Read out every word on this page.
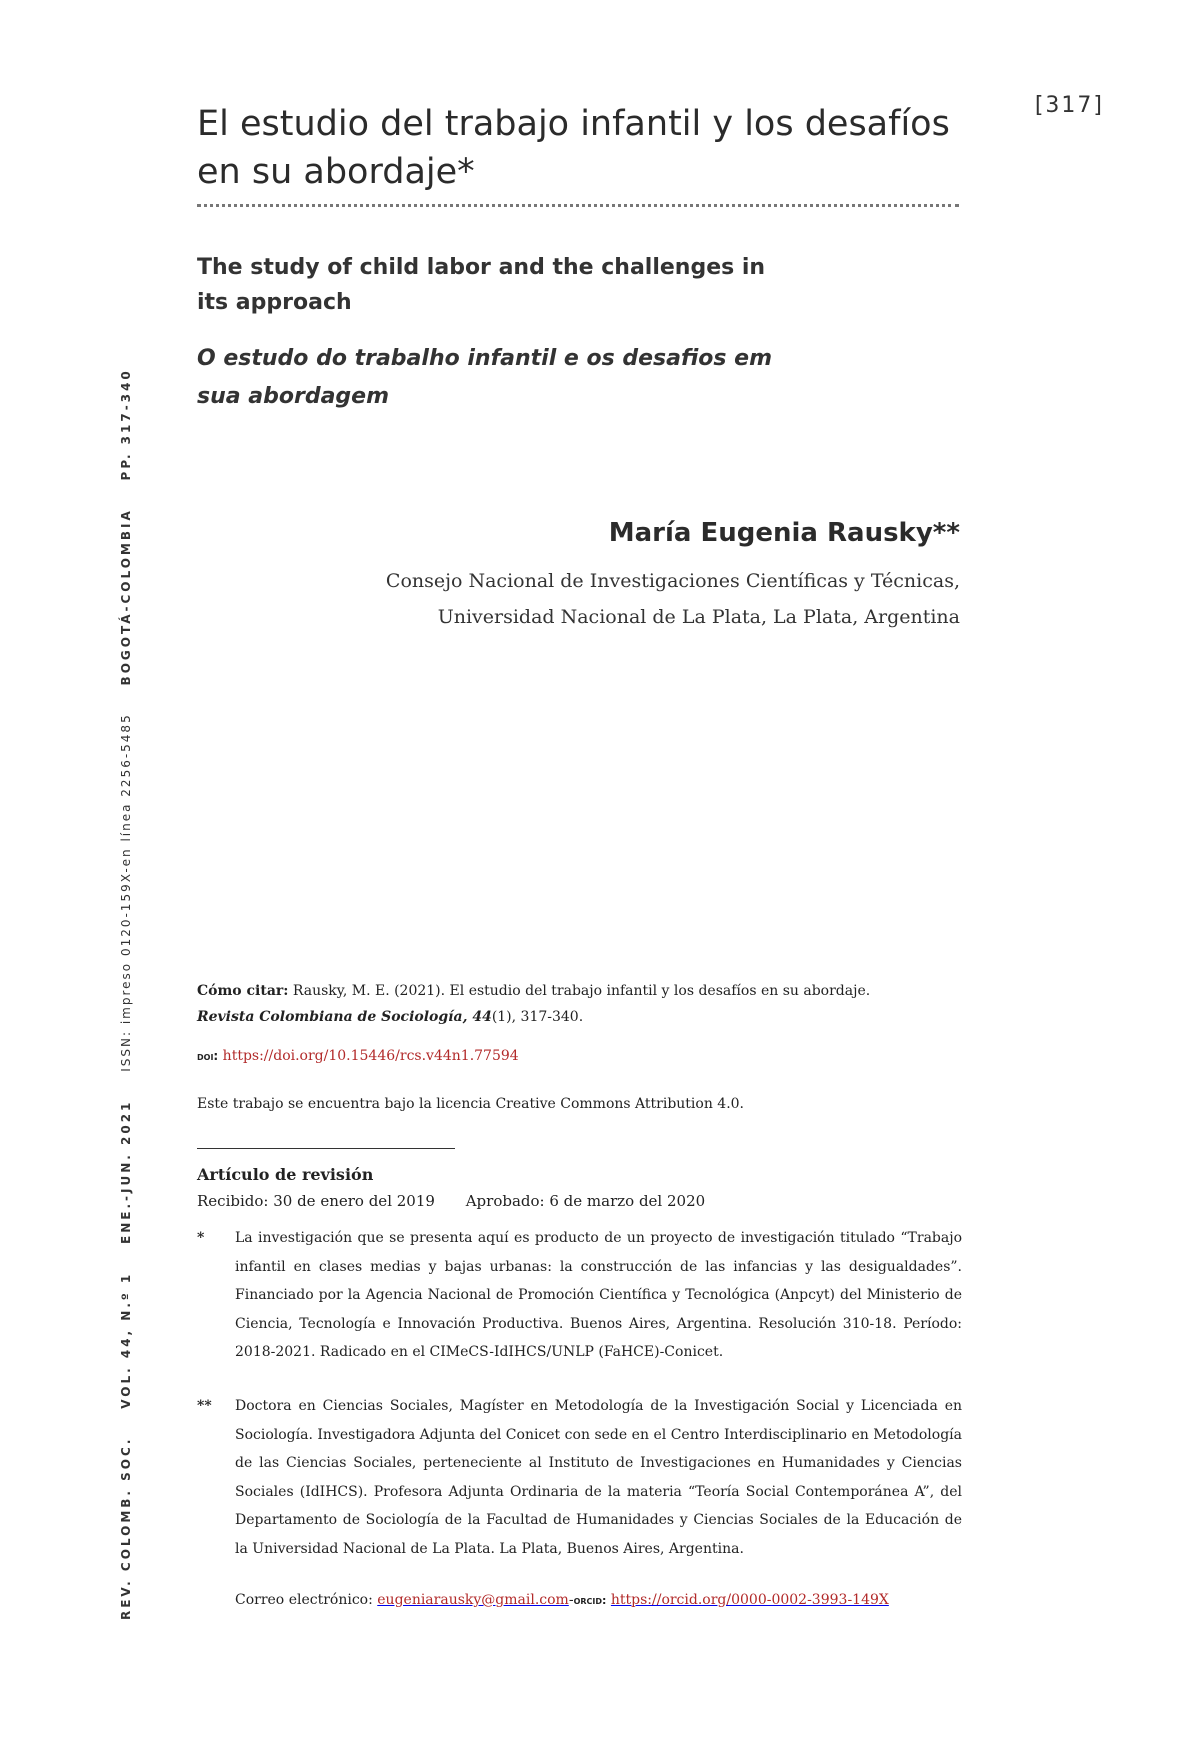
[317]
El estudio del trabajo infantil y los desafíos en su abordaje*
The study of child labor and the challenges in its approach
O estudo do trabalho infantil e os desafios em sua abordagem
María Eugenia Rausky**
Consejo Nacional de Investigaciones Científicas y Técnicas,
Universidad Nacional de La Plata, La Plata, Argentina
Cómo citar: Rausky, M. E. (2021). El estudio del trabajo infantil y los desafíos en su abordaje.
Revista Colombiana de Sociología, 44(1), 317-340.
doi: https://doi.org/10.15446/rcs.v44n1.77594
Este trabajo se encuentra bajo la licencia Creative Commons Attribution 4.0.
Artículo de revisión
Recibido: 30 de enero del 2019 Aprobado: 6 de marzo del 2020
* La investigación que se presenta aquí es producto de un proyecto de investigación titulado “Trabajo infantil en clases medias y bajas urbanas: la construcción de las infancias y las desigualdades”. Financiado por la Agencia Nacional de Promoción Científica y Tecnológica (Anpcyt) del Ministerio de Ciencia, Tecnología e Innovación Productiva. Buenos Aires, Argentina. Resolución 310-18. Período: 2018-2021. Radicado en el CIMeCS-IdIHCS/UNLP (FaHCE)-Conicet.
** Doctora en Ciencias Sociales, Magíster en Metodología de la Investigación Social y Licenciada en Sociología. Investigadora Adjunta del Conicet con sede en el Centro Interdisciplinario en Metodología de las Ciencias Sociales, perteneciente al Instituto de Investigaciones en Humanidades y Ciencias Sociales (IdIHCS). Profesora Adjunta Ordinaria de la materia “Teoría Social Contemporánea A”, del Departamento de Sociología de la Facultad de Humanidades y Ciencias Sociales de la Educación de la Universidad Nacional de La Plata. La Plata, Buenos Aires, Argentina.
Correo electrónico: eugeniarausky@gmail.com-orcid: https://orcid.org/0000-0002-3993-149X
REV. COLOMB. SOC. VOL. 44, N.º 1 ENE.-JUN. 2021 ISSN: impreso 0120-159X-en línea 2256-5485 BOGOTÁ-COLOMBIA PP. 317-340
